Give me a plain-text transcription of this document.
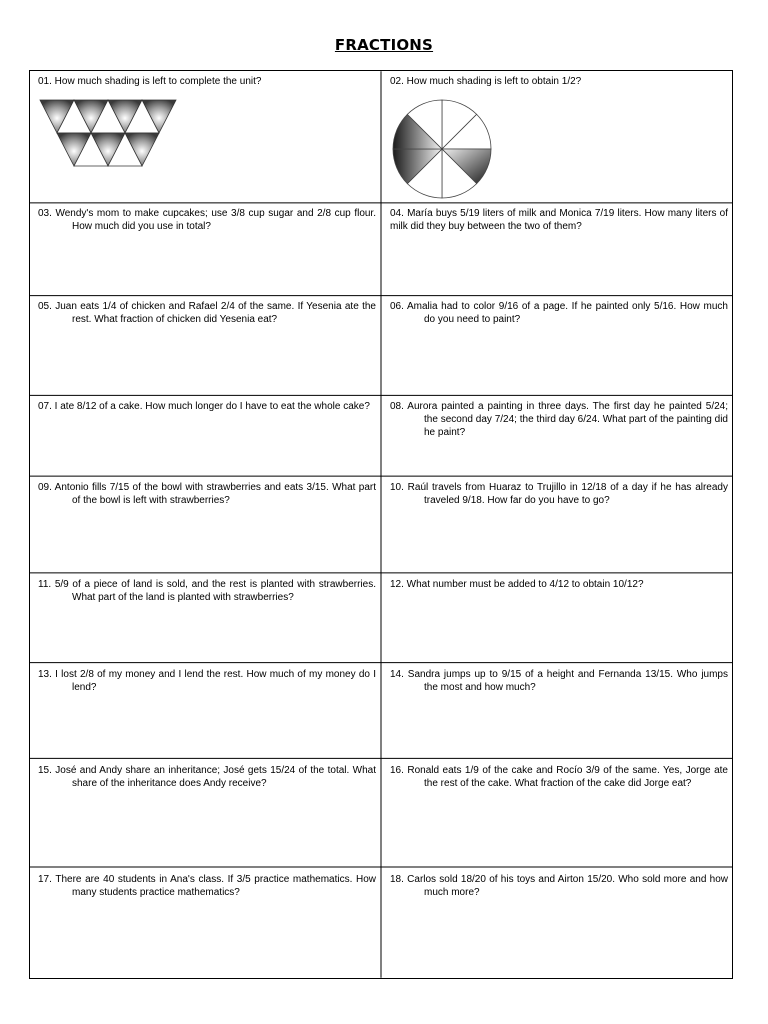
FRACTIONS
01. How much shading is left to complete the unit?	02. How much shading is left to obtain 1/2?
03. Wendy's mom to make cupcakes; use 3/8 cup sugar and 2/8 cup flour. How much did you use in total?
04. María buys 5/19 liters of milk and Monica 7/19 liters. How many liters of milk did they buy between the two of them?
05. Juan eats 1/4 of chicken and Rafael 2/4 of the same. If Yesenia ate the rest. What fraction of chicken did Yesenia eat?
06. Amalia had to color 9/16 of a page. If he painted only 5/16. How much do you need to paint?
07. I ate 8/12 of a cake. How much longer do I have to eat the whole cake?	08. Aurora painted a painting in three days. The first day he painted 5/24; the second day 7/24; the third day 6/24. What part of the painting did he paint?
09. Antonio fills 7/15 of the bowl with strawberries and eats 3/15. What part of the bowl is left with strawberries?
10. Raúl travels from Huaraz to Trujillo in 12/18 of a day if he has already traveled 9/18. How far do you have to go?
11. 5/9 of a piece of land is sold, and the rest is planted with strawberries. What part of the land is planted with strawberries?
12. What number must be added to 4/12 to obtain 10/12?
13. I lost 2/8 of my money and I lend the rest. How much of my money do I lend?
14. Sandra jumps up to 9/15 of a height and Fernanda 13/15. Who jumps the most and how much?
15. José and Andy share an inheritance; José gets 15/24 of the total. What share of the inheritance does Andy receive?
16. Ronald eats 1/9 of the cake and Rocío 3/9 of the same. Yes, Jorge ate the rest of the cake. What fraction of the cake did Jorge eat?
17. There are 40 students in Ana's class. If 3/5 practice mathematics. How many students practice mathematics?
18. Carlos sold 18/20 of his toys and Airton 15/20. Who sold more and how much more?
